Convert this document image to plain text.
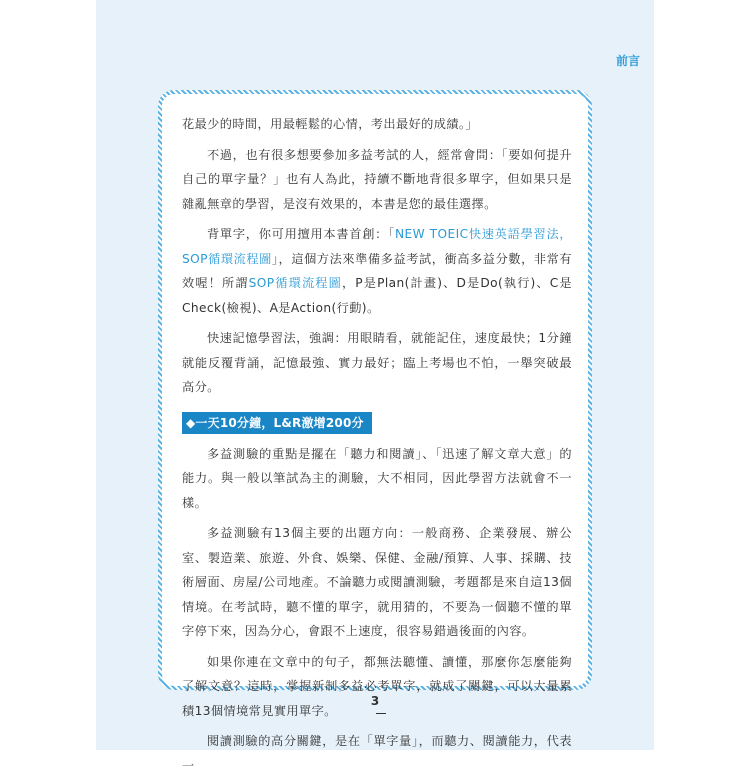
前言

花最少的時間，用最輕鬆的心情，考出最好的成績。」

不過，也有很多想要參加多益考試的人，經常會問：「要如何提升自己的單字量？」也有人為此，持續不斷地背很多單字，但如果只是雜亂無章的學習，是沒有效果的，本書是您的最佳選擇。

背單字，你可用擅用本書首創：「NEW TOEIC快速英語學習法，SOP循環流程圖」，這個方法來準備多益考試，衝高多益分數，非常有效喔！所謂SOP循環流程圖，P是Plan(計畫)、D是Do(執行)、C是Check(檢視)、A是Action(行動)。

快速記憶學習法，強調：用眼睛看，就能記住，速度最快；1分鐘就能反覆背誦，記憶最強、實力最好；臨上考場也不怕，一舉突破最高分。

◆一天10分鐘，L&R激增200分

多益測驗的重點是擺在「聽力和閱讀」、「迅速了解文章大意」的能力。與一般以筆試為主的測驗，大不相同，因此學習方法就會不一樣。

多益測驗有13個主要的出題方向：一般商務、企業發展、辦公室、製造業、旅遊、外食、娛樂、保健、金融/預算、人事、採購、技術層面、房屋/公司地產。不論聽力或閱讀測驗，考題都是來自這13個情境。在考試時，聽不懂的單字，就用猜的，不要為一個聽不懂的單字停下來，因為分心，會跟不上速度，很容易錯過後面的內容。

如果你連在文章中的句子，都無法聽懂、讀懂，那麼你怎麼能夠了解文意？這時，掌握新制多益必考單字，就成了關鍵，可以大量累積13個情境常見實用單字。

閱讀測驗的高分關鍵，是在「單字量」，而聽力、閱讀能力，代表一

3
